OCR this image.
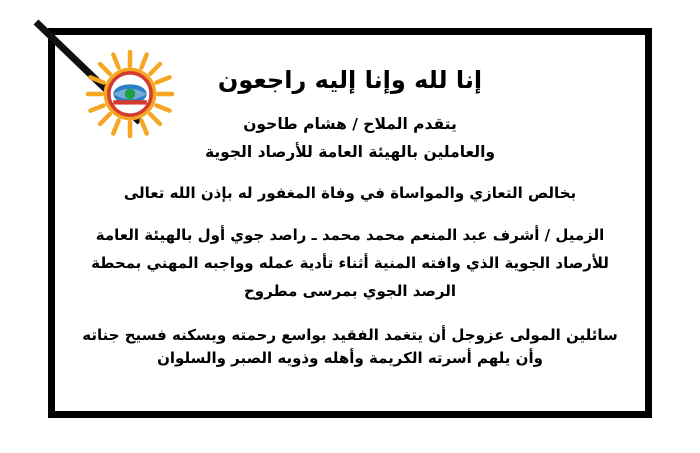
إنا لله وإنا إليه راجعون
يتقدم الملاح / هشام طاحون
والعاملين بالهيئة العامة للأرصاد الجوية
بخالص التعازي والمواساة في وفاة المغفور له بإذن الله تعالى
الزميل / أشرف عبد المنعم محمد محمد ـ راصد جوي أول بالهيئة العامة
للأرصاد الجوية الذي وافته المنية أثناء تأدية عمله وواجبه المهني بمحطة
الرصد الجوي بمرسى مطروح
سائلين المولى عزوجل أن يتغمد الفقيد بواسع رحمته ويسكنه فسيح جناته
وأن يلهم أسرته الكريمة وأهله وذويه الصبر والسلوان
